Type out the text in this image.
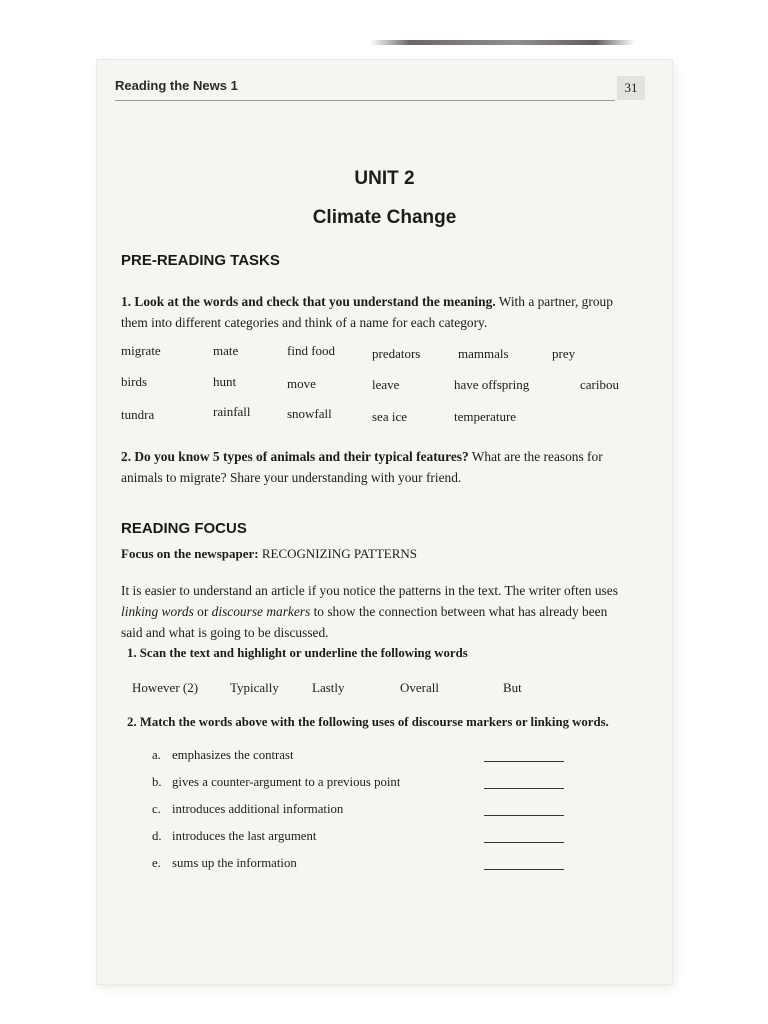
Reading the News 1	31
UNIT 2
Climate Change
PRE-READING TASKS
1. Look at the words and check that you understand the meaning. With a partner, group them into different categories and think of a name for each category.
migrate	mate	find food	predators	mammals	prey
birds	hunt	move	leave	have offspring	caribou
tundra	rainfall	snowfall	sea ice	temperature
2. Do you know 5 types of animals and their typical features? What are the reasons for animals to migrate? Share your understanding with your friend.
READING FOCUS
Focus on the newspaper: RECOGNIZING PATTERNS
It is easier to understand an article if you notice the patterns in the text. The writer often uses linking words or discourse markers to show the connection between what has already been said and what is going to be discussed.
1. Scan the text and highlight or underline the following words
However (2) Typically	Lastly	Overall	But
2. Match the words above with the following uses of discourse markers or linking words.
a. emphasizes the contrast
b. gives a counter-argument to a previous point
c. introduces additional information
d. introduces the last argument
e. sums up the information
